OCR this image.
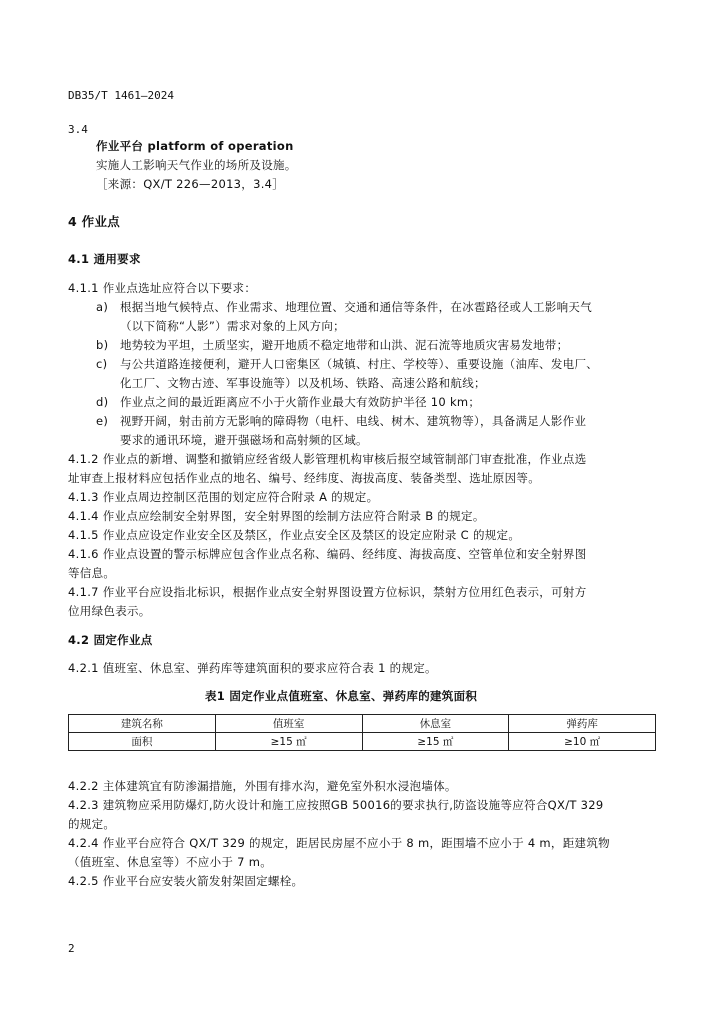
DB35/T 1461—2024
3.4
作业平台 platform of operation
实施人工影响天气作业的场所及设施。
［来源：QX/T 226—2013，3.4］
4 作业点
4.1 通用要求
4.1.1 作业点选址应符合以下要求：
a) 根据当地气候特点、作业需求、地理位置、交通和通信等条件，在冰雹路径或人工影响天气
（以下简称“人影”）需求对象的上风方向；
b) 地势较为平坦，土质坚实，避开地质不稳定地带和山洪、泥石流等地质灾害易发地带；
c) 与公共道路连接便利，避开人口密集区（城镇、村庄、学校等）、重要设施（油库、发电厂、
化工厂、文物古迹、军事设施等）以及机场、铁路、高速公路和航线；
d) 作业点之间的最近距离应不小于火箭作业最大有效防护半径 10 km；
e) 视野开阔，射击前方无影响的障碍物（电杆、电线、树木、建筑物等），具备满足人影作业
要求的通讯环境，避开强磁场和高射频的区域。
4.1.2 作业点的新增、调整和撤销应经省级人影管理机构审核后报空域管制部门审查批准，作业点选
址审查上报材料应包括作业点的地名、编号、经纬度、海拔高度、装备类型、选址原因等。
4.1.3 作业点周边控制区范围的划定应符合附录 A 的规定。
4.1.4 作业点应绘制安全射界图，安全射界图的绘制方法应符合附录 B 的规定。
4.1.5 作业点应设定作业安全区及禁区，作业点安全区及禁区的设定应附录 C 的规定。
4.1.6 作业点设置的警示标牌应包含作业点名称、编码、经纬度、海拔高度、空管单位和安全射界图
等信息。
4.1.7 作业平台应设指北标识，根据作业点安全射界图设置方位标识，禁射方位用红色表示，可射方
位用绿色表示。
4.2 固定作业点
4.2.1 值班室、休息室、弹药库等建筑面积的要求应符合表 1 的规定。
表1 固定作业点值班室、休息室、弹药库的建筑面积
建筑名称	值班室	休息室	弹药库
面积	≥15 ㎡	≥15 ㎡	≥10 ㎡
4.2.2 主体建筑宜有防渗漏措施，外围有排水沟，避免室外积水浸泡墙体。
4.2.3 建筑物应采用防爆灯,防火设计和施工应按照GB 50016的要求执行,防盗设施等应符合QX/T 329
的规定。
4.2.4 作业平台应符合 QX/T 329 的规定，距居民房屋不应小于 8 m，距围墙不应小于 4 m，距建筑物
（值班室、休息室等）不应小于 7 m。
4.2.5 作业平台应安装火箭发射架固定螺栓。
2
